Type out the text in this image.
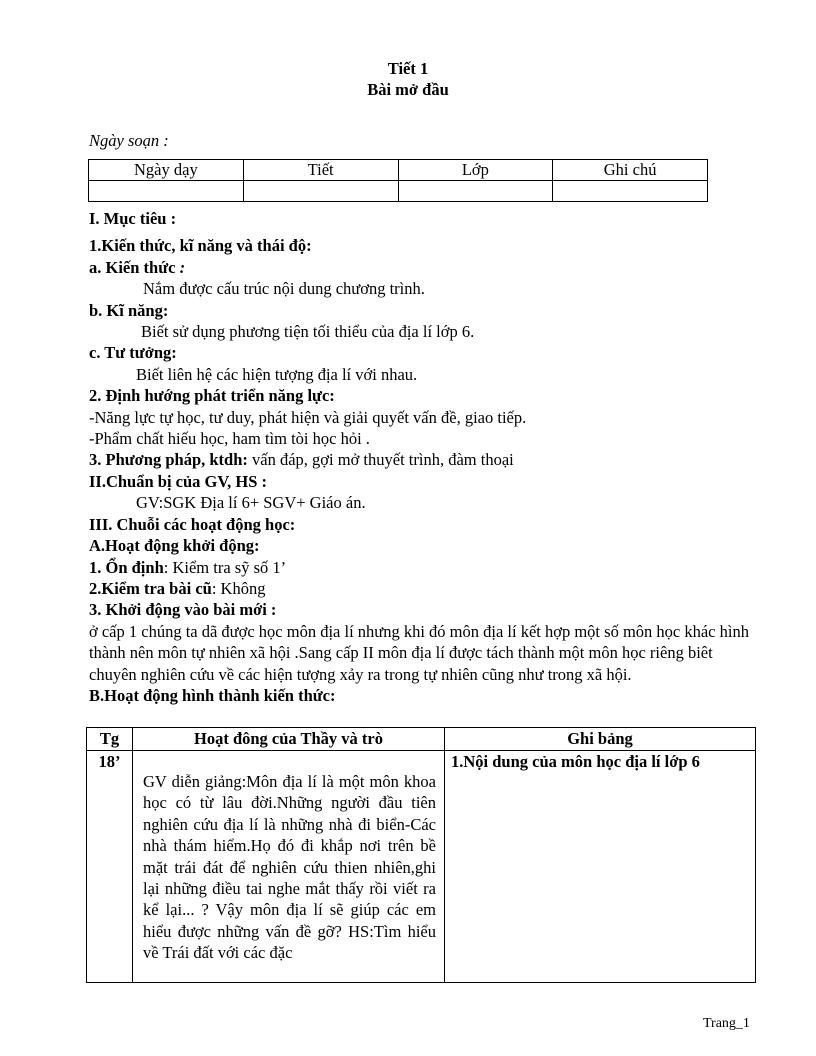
Tiết 1
Bài mở đầu
Ngày soạn :
Ngày dạy	Tiết	Lớp	Ghi chú

I. Mục tiêu :

1.Kiến thức, kĩ năng và thái độ:

a. Kiến thức :

Nắm được cấu trúc nội dung chương trình.

b. Kĩ năng:

Biết sử dụng phương tiện tối thiểu của địa lí lớp 6.

c. Tư tưởng:

Biết liên hệ các hiện tượng địa lí với nhau.

2. Định hướng phát triển năng lực:

-Năng lực tự học, tư duy, phát hiện và giải quyết vấn đề, giao tiếp.

-Phẩm chất hiếu học, ham tìm tòi học hỏi .

3. Phương pháp, ktdh: vấn đáp, gợi mở thuyết trình, đàm thoại

II.Chuẩn bị của GV, HS :

GV:SGK Địa lí 6+ SGV+ Giáo án.

III. Chuỗi các hoạt động học:

A.Hoạt động khởi động:

1. Ổn định: Kiểm tra sỹ số 1’

2.Kiểm tra bài cũ: Không

3. Khởi động vào bài mới :

ở cấp 1 chúng ta dã được học môn địa lí nhưng khi đó môn địa lí kết hợp một số môn học khác hình thành nên môn tự nhiên xã hội .Sang cấp II môn địa lí được tách thành một môn học riêng biêt chuyên nghiên cứu về các hiện tượng xảy ra trong tự nhiên cũng như trong xã hội.

B.Hoạt động hình thành kiến thức:

Tg	Hoạt đông của Thầy và trò	Ghi bảng
18’	GV diễn giảng:Môn địa lí là một môn khoa học có từ lâu đời.Những người đầu tiên nghiên cứu địa lí là những nhà đi biển-Các nhà thám hiểm.Họ đó đi khắp nơi trên bề mặt trái đát để nghiên cứu thien nhiên,ghi lại những điều tai nghe mắt thấy rồi viết ra kể lại... ? Vậy môn địa lí sẽ giúp các em hiểu được những vấn đề gỡ? HS:Tìm hiểu về Trái đất với các đặc	1.Nội dung của môn học địa lí lớp 6
Trang_1
